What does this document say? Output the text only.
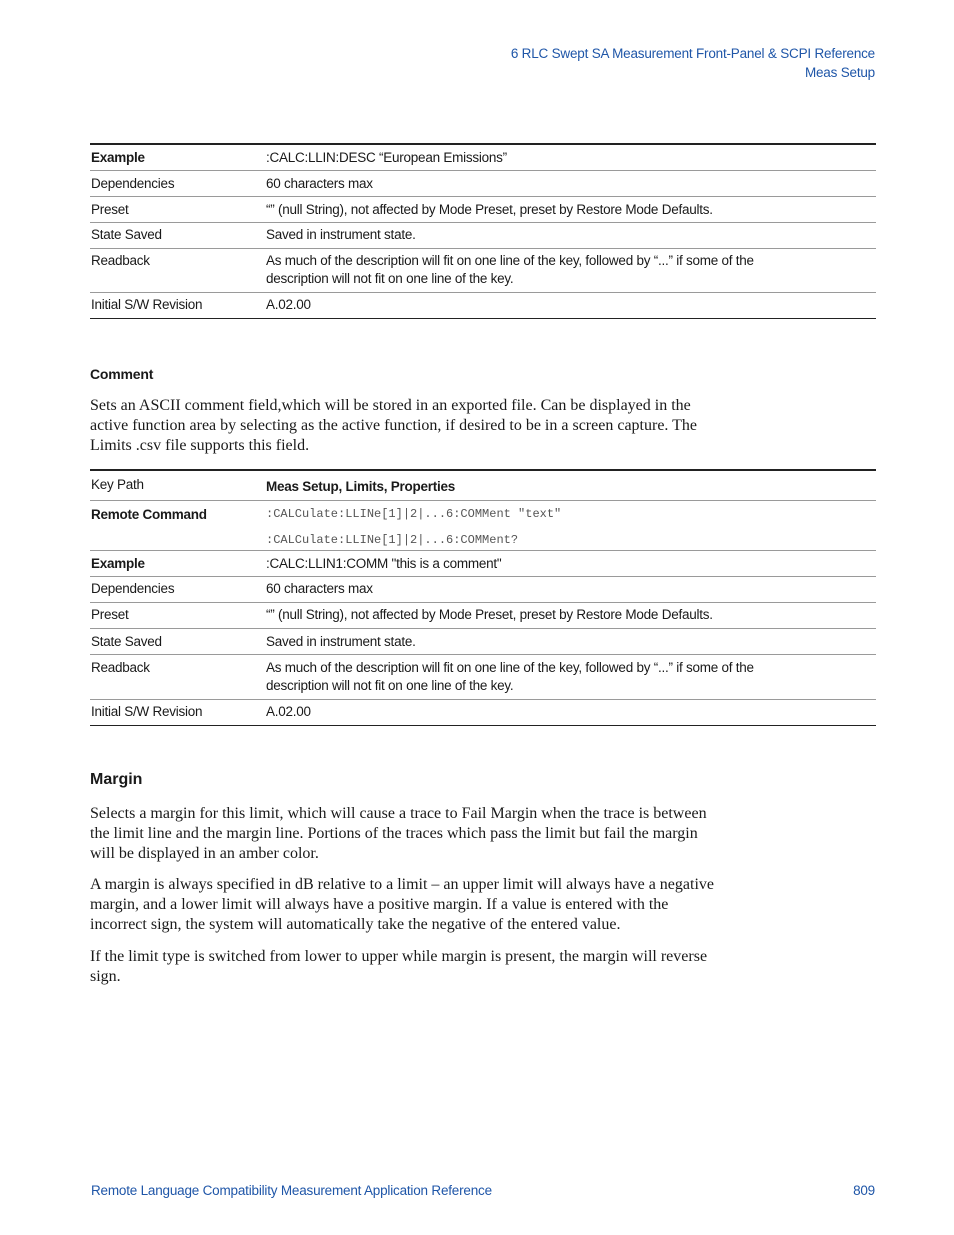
6 RLC Swept SA Measurement Front-Panel & SCPI Reference
Meas Setup
Example	:CALC:LLIN:DESC “European Emissions”
Dependencies	60 characters max
Preset	“” (null String), not affected by Mode Preset, preset by Restore Mode Defaults.
State Saved	Saved in instrument state.
Readback	As much of the description will fit on one line of the key, followed by “...” if some of the
description will not fit on one line of the key.

Initial S/W Revision	A.02.00
Comment
Sets an ASCII comment field,which will be stored in an exported file. Can be displayed in the
active function area by selecting as the active function, if desired to be in a screen capture. The
Limits .csv file supports this field.
Key Path	Meas Setup, Limits, Properties
Remote Command	:CALCulate:LLINe[1]|2|...6:COMMent "text"
:CALCulate:LLINe[1]|2|...6:COMMent?

Example	:CALC:LLIN1:COMM "this is a comment"
Dependencies	60 characters max
Preset	“” (null String), not affected by Mode Preset, preset by Restore Mode Defaults.
State Saved	Saved in instrument state.
Readback	As much of the description will fit on one line of the key, followed by “...” if some of the
description will not fit on one line of the key.

Initial S/W Revision	A.02.00
Margin
Selects a margin for this limit, which will cause a trace to Fail Margin when the trace is between
the limit line and the margin line. Portions of the traces which pass the limit but fail the margin
will be displayed in an amber color.
A margin is always specified in dB relative to a limit – an upper limit will always have a negative
margin, and a lower limit will always have a positive margin. If a value is entered with the
incorrect sign, the system will automatically take the negative of the entered value.
If the limit type is switched from lower to upper while margin is present, the margin will reverse
sign.
Remote Language Compatibility Measurement Application Reference	809
